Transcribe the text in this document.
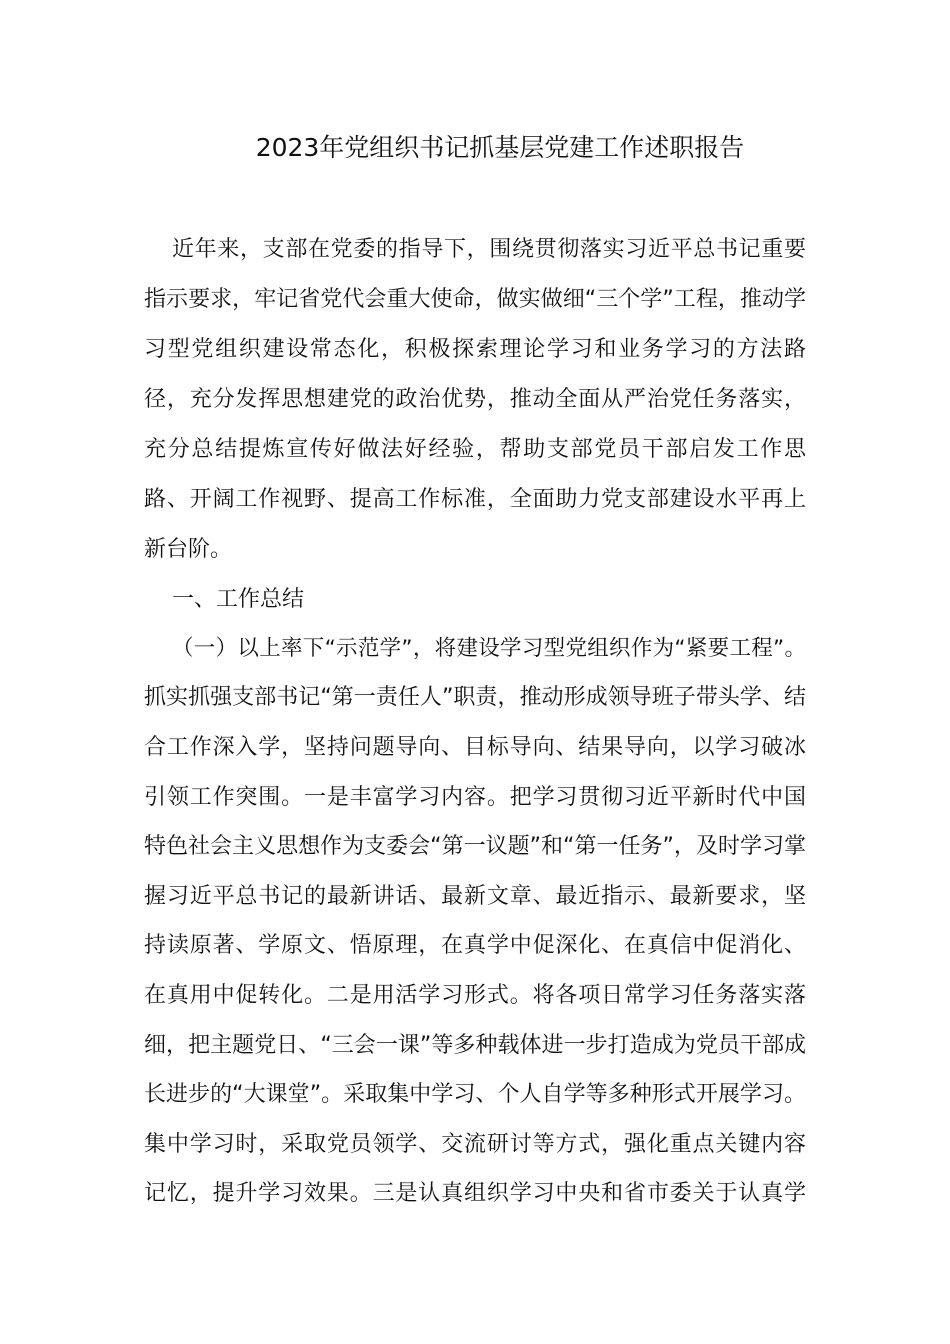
2023年党组织书记抓基层党建工作述职报告
近年来，支部在党委的指导下，围绕贯彻落实习近平总书记重要
指示要求，牢记省党代会重大使命，做实做细“三个学”工程，推动学
习型党组织建设常态化，积极探索理论学习和业务学习的方法路
径，充分发挥思想建党的政治优势，推动全面从严治党任务落实，
充分总结提炼宣传好做法好经验，帮助支部党员干部启发工作思
路、开阔工作视野、提高工作标准，全面助力党支部建设水平再上
新台阶。
一、工作总结
（一）以上率下“示范学”，将建设学习型党组织作为“紧要工程”。
抓实抓强支部书记“第一责任人”职责，推动形成领导班子带头学、结
合工作深入学，坚持问题导向、目标导向、结果导向，以学习破冰
引领工作突围。一是丰富学习内容。把学习贯彻习近平新时代中国
特色社会主义思想作为支委会“第一议题”和“第一任务”，及时学习掌
握习近平总书记的最新讲话、最新文章、最近指示、最新要求，坚
持读原著、学原文、悟原理，在真学中促深化、在真信中促消化、
在真用中促转化。二是用活学习形式。将各项日常学习任务落实落
细，把主题党日、“三会一课”等多种载体进一步打造成为党员干部成
长进步的“大课堂”。采取集中学习、个人自学等多种形式开展学习。
集中学习时，采取党员领学、交流研讨等方式，强化重点关键内容
记忆，提升学习效果。三是认真组织学习中央和省市委关于认真学
